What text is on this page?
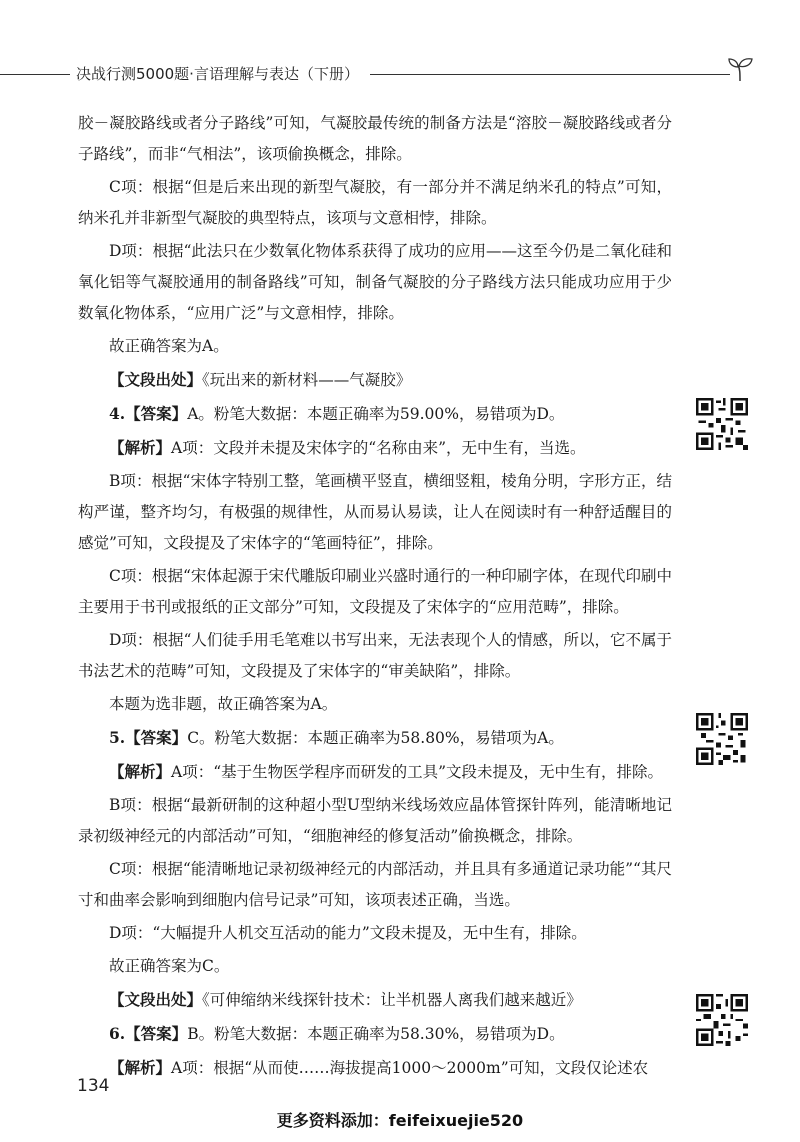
决战行测5000题·言语理解与表达（下册）

胶－凝胶路线或者分子路线”可知，气凝胶最传统的制备方法是“溶胶－凝胶路线或者分子路线”，而非“气相法”，该项偷换概念，排除。

C项：根据“但是后来出现的新型气凝胶，有一部分并不满足纳米孔的特点”可知，纳米孔并非新型气凝胶的典型特点，该项与文意相悖，排除。

D项：根据“此法只在少数氧化物体系获得了成功的应用——这至今仍是二氧化硅和氧化铝等气凝胶通用的制备路线”可知，制备气凝胶的分子路线方法只能成功应用于少数氧化物体系，“应用广泛”与文意相悖，排除。

故正确答案为A。

【文段出处】《玩出来的新材料——气凝胶》

4.【答案】A。粉笔大数据：本题正确率为59.00%，易错项为D。

【解析】A项：文段并未提及宋体字的“名称由来”，无中生有，当选。

B项：根据“宋体字特别工整，笔画横平竖直，横细竖粗，棱角分明，字形方正，结构严谨，整齐均匀，有极强的规律性，从而易认易读，让人在阅读时有一种舒适醒目的感觉”可知，文段提及了宋体字的“笔画特征”，排除。

C项：根据“宋体起源于宋代雕版印刷业兴盛时通行的一种印刷字体，在现代印刷中主要用于书刊或报纸的正文部分”可知，文段提及了宋体字的“应用范畴”，排除。

D项：根据“人们徒手用毛笔难以书写出来，无法表现个人的情感，所以，它不属于书法艺术的范畴”可知，文段提及了宋体字的“审美缺陷”，排除。

本题为选非题，故正确答案为A。

5.【答案】C。粉笔大数据：本题正确率为58.80%，易错项为A。

【解析】A项：“基于生物医学程序而研发的工具”文段未提及，无中生有，排除。

B项：根据“最新研制的这种超小型U型纳米线场效应晶体管探针阵列，能清晰地记录初级神经元的内部活动”可知，“细胞神经的修复活动”偷换概念，排除。

C项：根据“能清晰地记录初级神经元的内部活动，并且具有多通道记录功能”“其尺寸和曲率会影响到细胞内信号记录”可知，该项表述正确，当选。

D项：“大幅提升人机交互活动的能力”文段未提及，无中生有，排除。

故正确答案为C。

【文段出处】《可伸缩纳米线探针技术：让半机器人离我们越来越近》

6.【答案】B。粉笔大数据：本题正确率为58.30%，易错项为D。

【解析】A项：根据“从而使……海拔提高1000～2000m”可知，文段仅论述农

134
更多资料添加：feifeixuejie520
